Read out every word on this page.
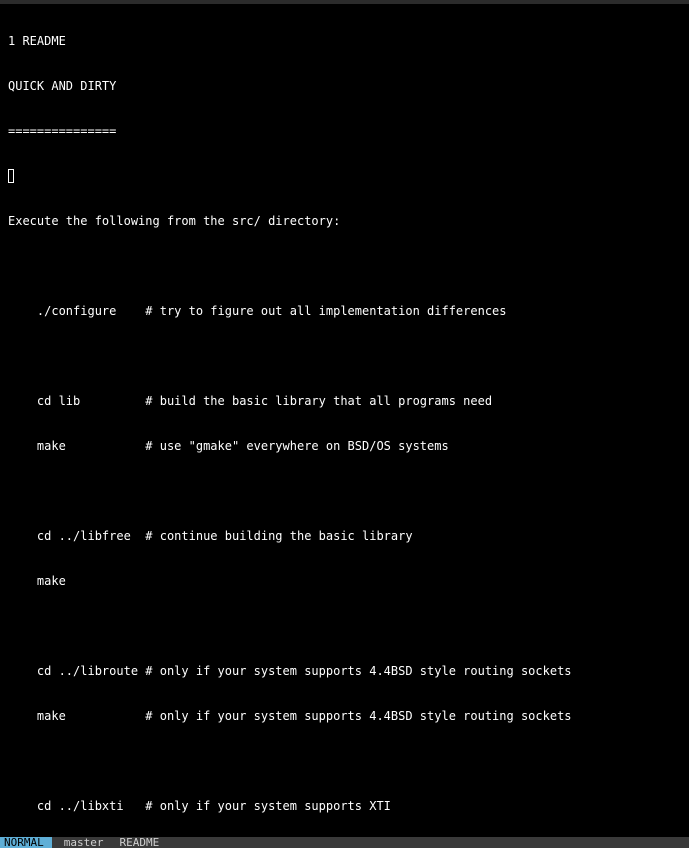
1 README

QUICK AND DIRTY

===============

Execute the following from the src/ directory:

./configure    # try to figure out all implementation differences

cd lib         # build the basic library that all programs need

make           # use "gmake" everywhere on BSD/OS systems

cd ../libfree  # continue building the basic library

make

cd ../libroute # only if your system supports 4.4BSD style routing sockets

make           # only if your system supports 4.4BSD style routing sockets

cd ../libxti   # only if your system supports XTI

NORMAL	master	README
